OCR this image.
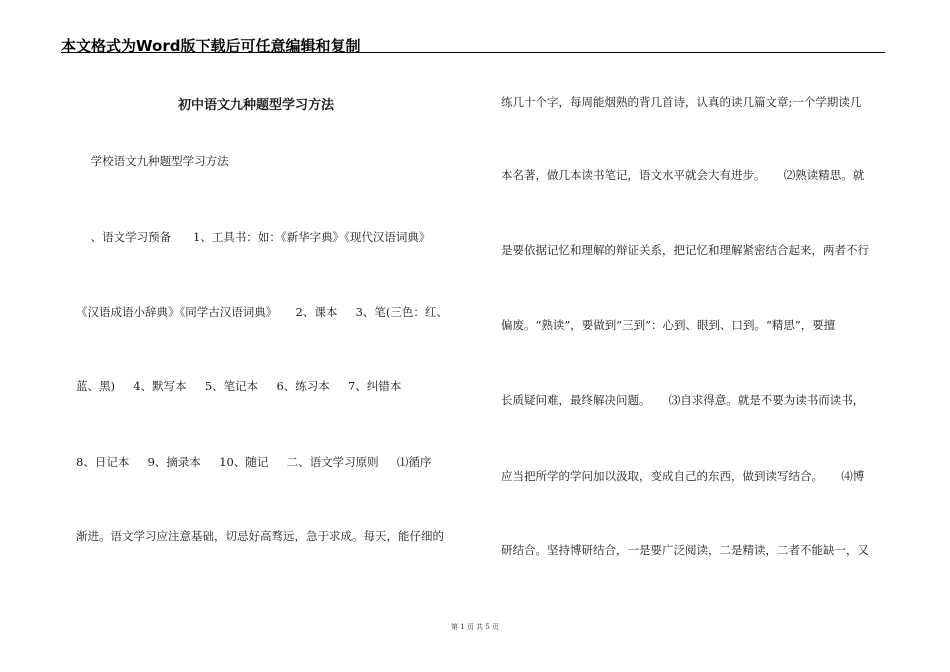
本文格式为Word版下载后可任意编辑和复制
初中语文九种题型学习方法
学校语文九种题型学习方法
、语文学习预备      1、工具书：如：《新华字典》《现代汉语词典》
《汉语成语小辞典》《同学古汉语词典》     2、课本     3、笔(三色：红、
蓝、黑)     4、默写本     5、笔记本     6、练习本     7、纠错本
8、日记本     9、摘录本     10、随记     二、语文学习原则     ⑴循序
渐进。语文学习应注意基础，切忌好高骛远，急于求成。每天，能仔细的
练几十个字，每周能烟熟的背几首诗，认真的读几篇文章;一个学期读几
本名著，做几本读书笔记，语文水平就会大有进步。     ⑵熟读精思。就
是要依据记忆和理解的辩证关系，把记忆和理解紧密结合起来，两者不行
偏废。“熟读”，要做到“三到”：心到、眼到、口到。“精思”，要擅
长质疑问难，最终解决问题。     ⑶自求得意。就是不要为读书而读书，
应当把所学的学问加以汲取，变成自己的东西，做到读写结合。     ⑷博
研结合。坚持博研结合，一是要广泛阅读，二是精读，二者不能缺一，又
第 1 页 共 5 页
